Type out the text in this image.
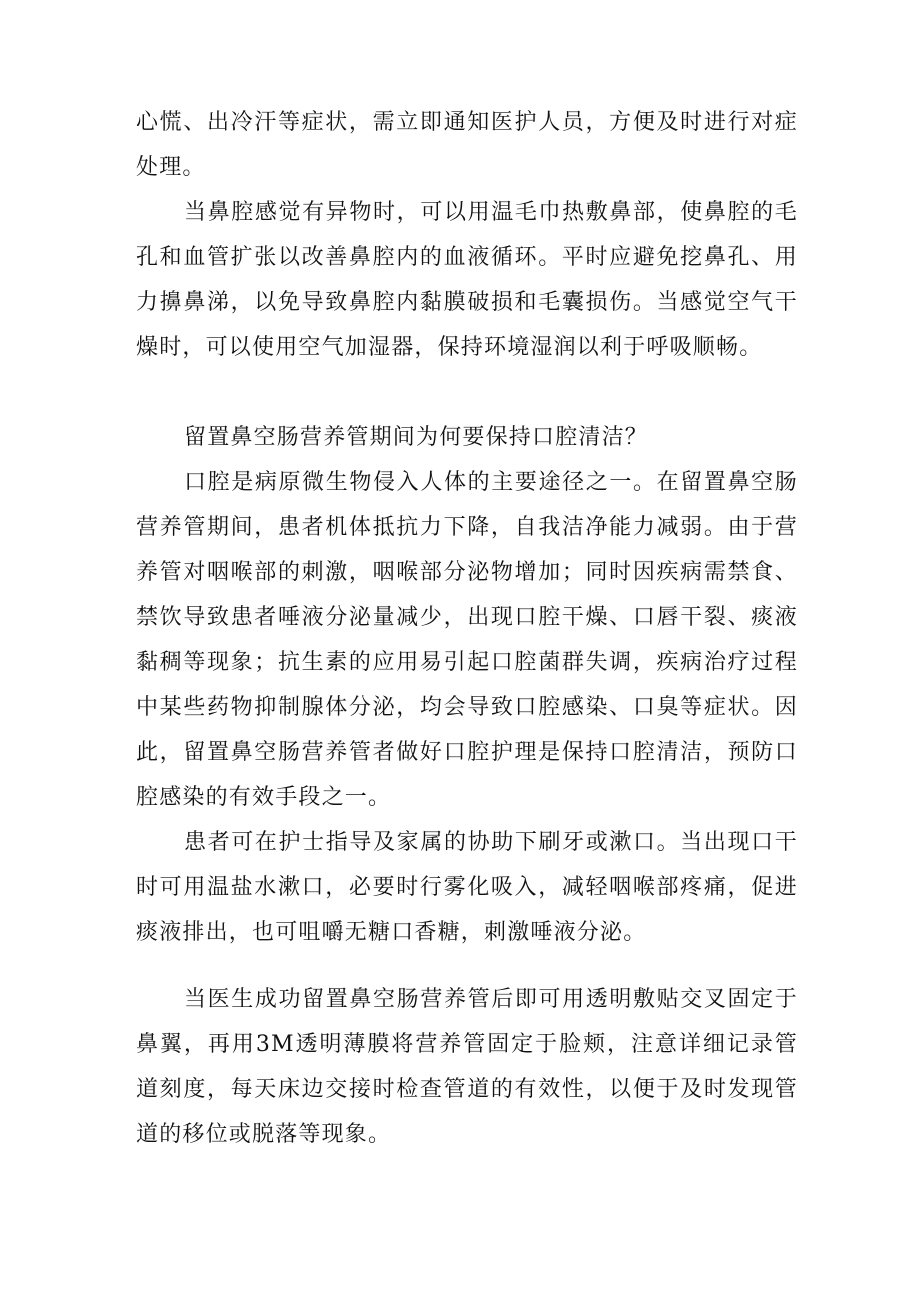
心慌、出冷汗等症状，需立即通知医护人员，方便及时进行对症处理。

当鼻腔感觉有异物时，可以用温毛巾热敷鼻部，使鼻腔的毛孔和血管扩张以改善鼻腔内的血液循环。平时应避免挖鼻孔、用力擤鼻涕，以免导致鼻腔内黏膜破损和毛囊损伤。当感觉空气干燥时，可以使用空气加湿器，保持环境湿润以利于呼吸顺畅。

留置鼻空肠营养管期间为何要保持口腔清洁？

口腔是病原微生物侵入人体的主要途径之一。在留置鼻空肠营养管期间，患者机体抵抗力下降，自我洁净能力减弱。由于营养管对咽喉部的刺激，咽喉部分泌物增加；同时因疾病需禁食、禁饮导致患者唾液分泌量减少，出现口腔干燥、口唇干裂、痰液黏稠等现象；抗生素的应用易引起口腔菌群失调，疾病治疗过程中某些药物抑制腺体分泌，均会导致口腔感染、口臭等症状。因此，留置鼻空肠营养管者做好口腔护理是保持口腔清洁，预防口腔感染的有效手段之一。

患者可在护士指导及家属的协助下刷牙或漱口。当出现口干时可用温盐水漱口，必要时行雾化吸入，减轻咽喉部疼痛，促进痰液排出，也可咀嚼无糖口香糖，刺激唾液分泌。

当医生成功留置鼻空肠营养管后即可用透明敷贴交叉固定于鼻翼，再用3M透明薄膜将营养管固定于脸颊，注意详细记录管道刻度，每天床边交接时检查管道的有效性，以便于及时发现管道的移位或脱落等现象。
